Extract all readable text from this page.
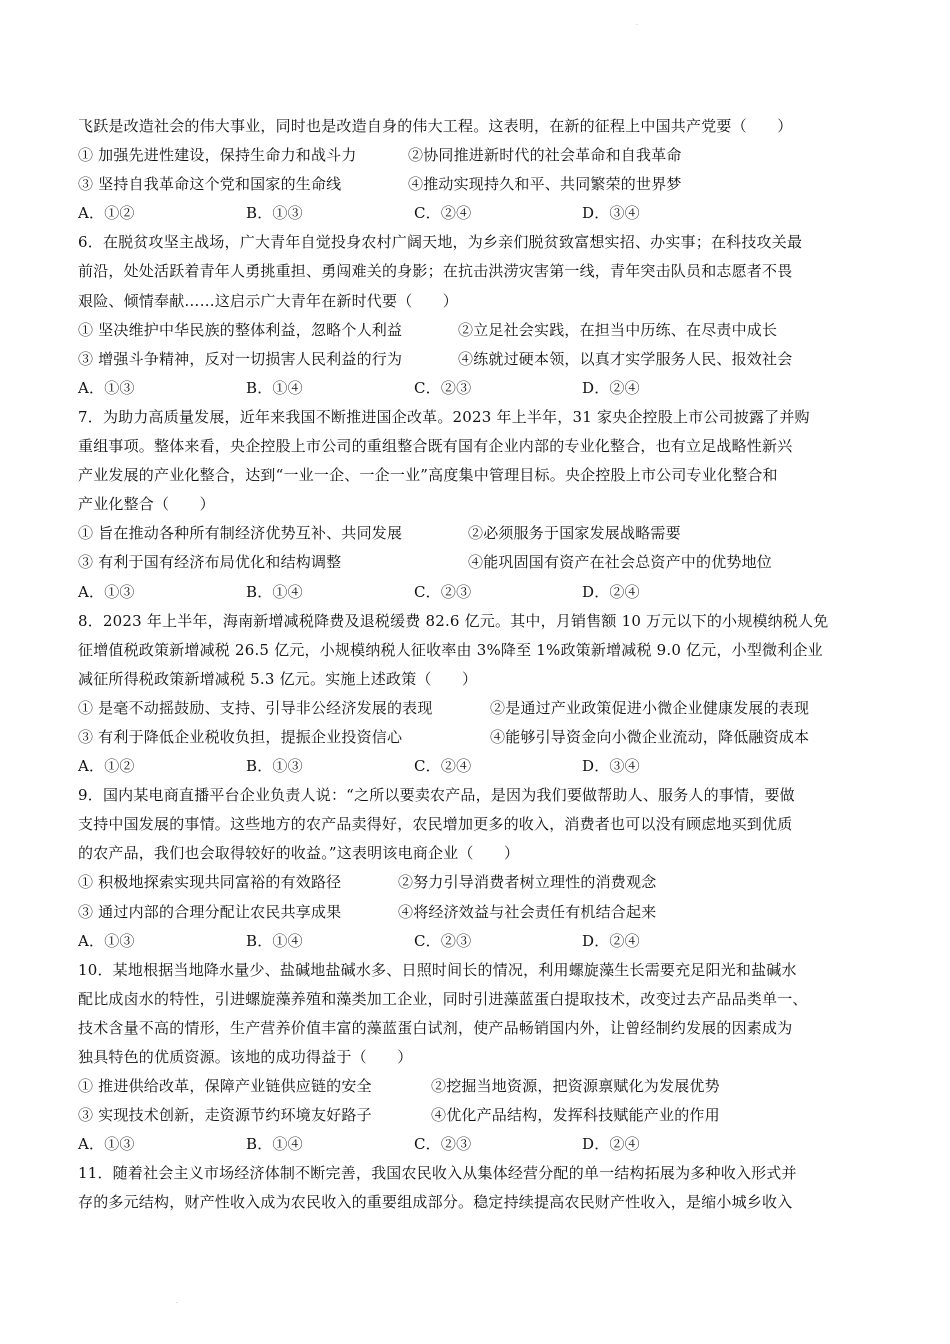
·
·
飞跃是改造社会的伟大事业，同时也是改造自身的伟大工程。这表明，在新的征程上中国共产党要（　　）
① 加强先进性建设，保持生命力和战斗力	②协同推进新时代的社会革命和自我革命
③ 坚持自我革命这个党和国家的生命线	④推动实现持久和平、共同繁荣的世界梦
A．①②	B．①③	C．②④	D．③④
6．在脱贫攻坚主战场，广大青年自觉投身农村广阔天地，为乡亲们脱贫致富想实招、办实事；在科技攻关最
前沿，处处活跃着青年人勇挑重担、勇闯难关的身影；在抗击洪涝灾害第一线，青年突击队员和志愿者不畏
艰险、倾情奉献……这启示广大青年在新时代要（　　）
① 坚决维护中华民族的整体利益，忽略个人利益	②立足社会实践，在担当中历练、在尽责中成长
③ 增强斗争精神，反对一切损害人民利益的行为	④练就过硬本领，以真才实学服务人民、报效社会
A．①③	B．①④	C．②③	D．②④
7．为助力高质量发展，近年来我国不断推进国企改革。2023 年上半年，31 家央企控股上市公司披露了并购
重组事项。整体来看，央企控股上市公司的重组整合既有国有企业内部的专业化整合，也有立足战略性新兴
产业发展的产业化整合，达到“一业一企、一企一业”高度集中管理目标。央企控股上市公司专业化整合和
产业化整合（　　）
① 旨在推动各种所有制经济优势互补、共同发展	②必须服务于国家发展战略需要
③ 有利于国有经济布局优化和结构调整	④能巩固国有资产在社会总资产中的优势地位
A．①③	B．①④	C．②③	D．②④
8．2023 年上半年，海南新增减税降费及退税缓费 82.6 亿元。其中，月销售额 10 万元以下的小规模纳税人免
征增值税政策新增减税 26.5 亿元，小规模纳税人征收率由 3%降至 1%政策新增减税 9.0 亿元，小型微利企业
减征所得税政策新增减税 5.3 亿元。实施上述政策（　　）
① 是毫不动摇鼓励、支持、引导非公经济发展的表现	②是通过产业政策促进小微企业健康发展的表现
③ 有利于降低企业税收负担，提振企业投资信心	④能够引导资金向小微企业流动，降低融资成本
A．①②	B．①③	C．②④	D．③④
9．国内某电商直播平台企业负责人说：“之所以要卖农产品，是因为我们要做帮助人、服务人的事情，要做
支持中国发展的事情。这些地方的农产品卖得好，农民增加更多的收入，消费者也可以没有顾虑地买到优质
的农产品，我们也会取得较好的收益。”这表明该电商企业（　　）
① 积极地探索实现共同富裕的有效路径	②努力引导消费者树立理性的消费观念
③ 通过内部的合理分配让农民共享成果	④将经济效益与社会责任有机结合起来
A．①③	B．①④	C．②③	D．②④
10．某地根据当地降水量少、盐碱地盐碱水多、日照时间长的情况，利用螺旋藻生长需要充足阳光和盐碱水
配比成卤水的特性，引进螺旋藻养殖和藻类加工企业，同时引进藻蓝蛋白提取技术，改变过去产品品类单一、
技术含量不高的情形，生产营养价值丰富的藻蓝蛋白试剂，使产品畅销国内外，让曾经制约发展的因素成为
独具特色的优质资源。该地的成功得益于（　　）
① 推进供给改革，保障产业链供应链的安全	②挖掘当地资源，把资源禀赋化为发展优势
③ 实现技术创新，走资源节约环境友好路子	④优化产品结构，发挥科技赋能产业的作用
A．①③	B．①④	C．②③	D．②④
11．随着社会主义市场经济体制不断完善，我国农民收入从集体经营分配的单一结构拓展为多种收入形式并
存的多元结构，财产性收入成为农民收入的重要组成部分。稳定持续提高农民财产性收入，是缩小城乡收入
